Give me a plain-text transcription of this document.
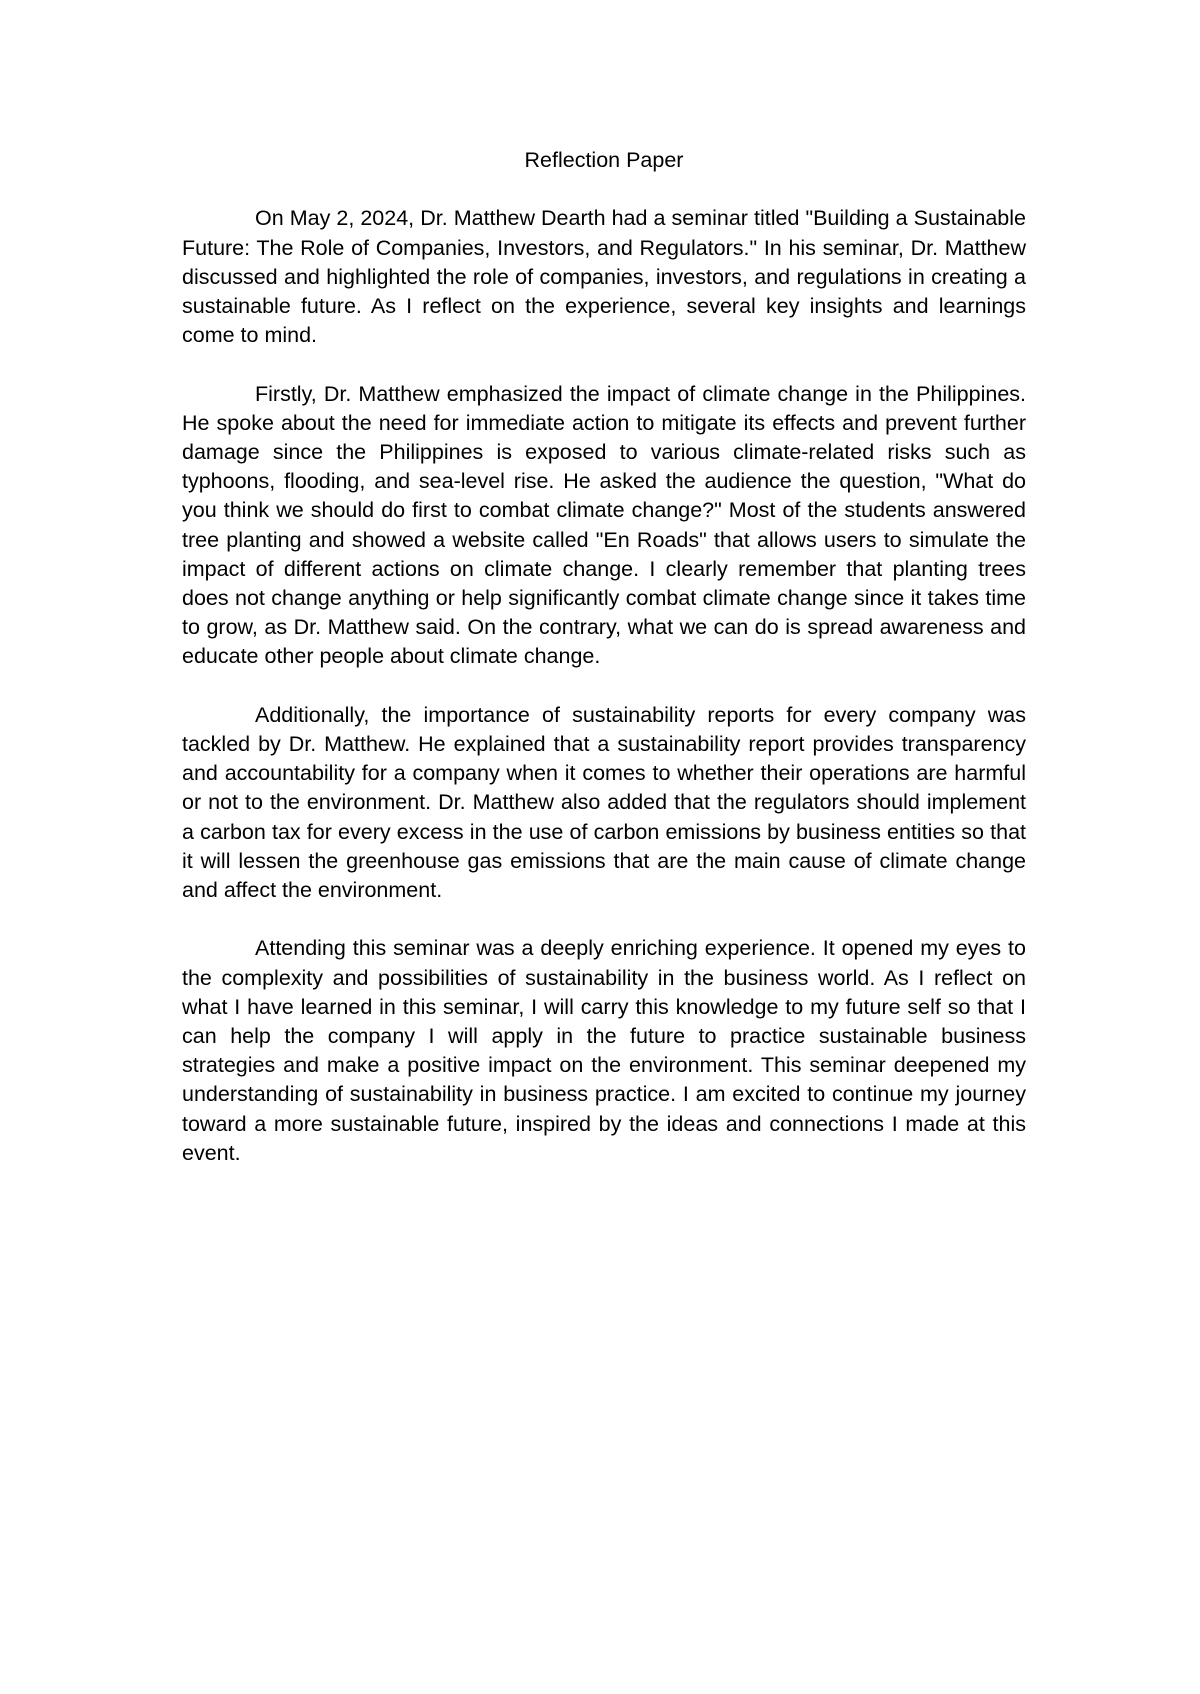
Reflection Paper

On May 2, 2024, Dr. Matthew Dearth had a seminar titled "Building a Sustainable Future: The Role of Companies, Investors, and Regulators." In his seminar, Dr. Matthew discussed and highlighted the role of companies, investors, and regulations in creating a sustainable future. As I reflect on the experience, several key insights and learnings come to mind.

Firstly, Dr. Matthew emphasized the impact of climate change in the Philippines. He spoke about the need for immediate action to mitigate its effects and prevent further damage since the Philippines is exposed to various climate-related risks such as typhoons, flooding, and sea-level rise. He asked the audience the question, "What do you think we should do first to combat climate change?" Most of the students answered tree planting and showed a website called "En Roads" that allows users to simulate the impact of different actions on climate change. I clearly remember that planting trees does not change anything or help significantly combat climate change since it takes time to grow, as Dr. Matthew said. On the contrary, what we can do is spread awareness and educate other people about climate change.

Additionally, the importance of sustainability reports for every company was tackled by Dr. Matthew. He explained that a sustainability report provides transparency and accountability for a company when it comes to whether their operations are harmful or not to the environment. Dr. Matthew also added that the regulators should implement a carbon tax for every excess in the use of carbon emissions by business entities so that it will lessen the greenhouse gas emissions that are the main cause of climate change and affect the environment.

Attending this seminar was a deeply enriching experience. It opened my eyes to the complexity and possibilities of sustainability in the business world. As I reflect on what I have learned in this seminar, I will carry this knowledge to my future self so that I can help the company I will apply in the future to practice sustainable business strategies and make a positive impact on the environment. This seminar deepened my understanding of sustainability in business practice. I am excited to continue my journey toward a more sustainable future, inspired by the ideas and connections I made at this event.
